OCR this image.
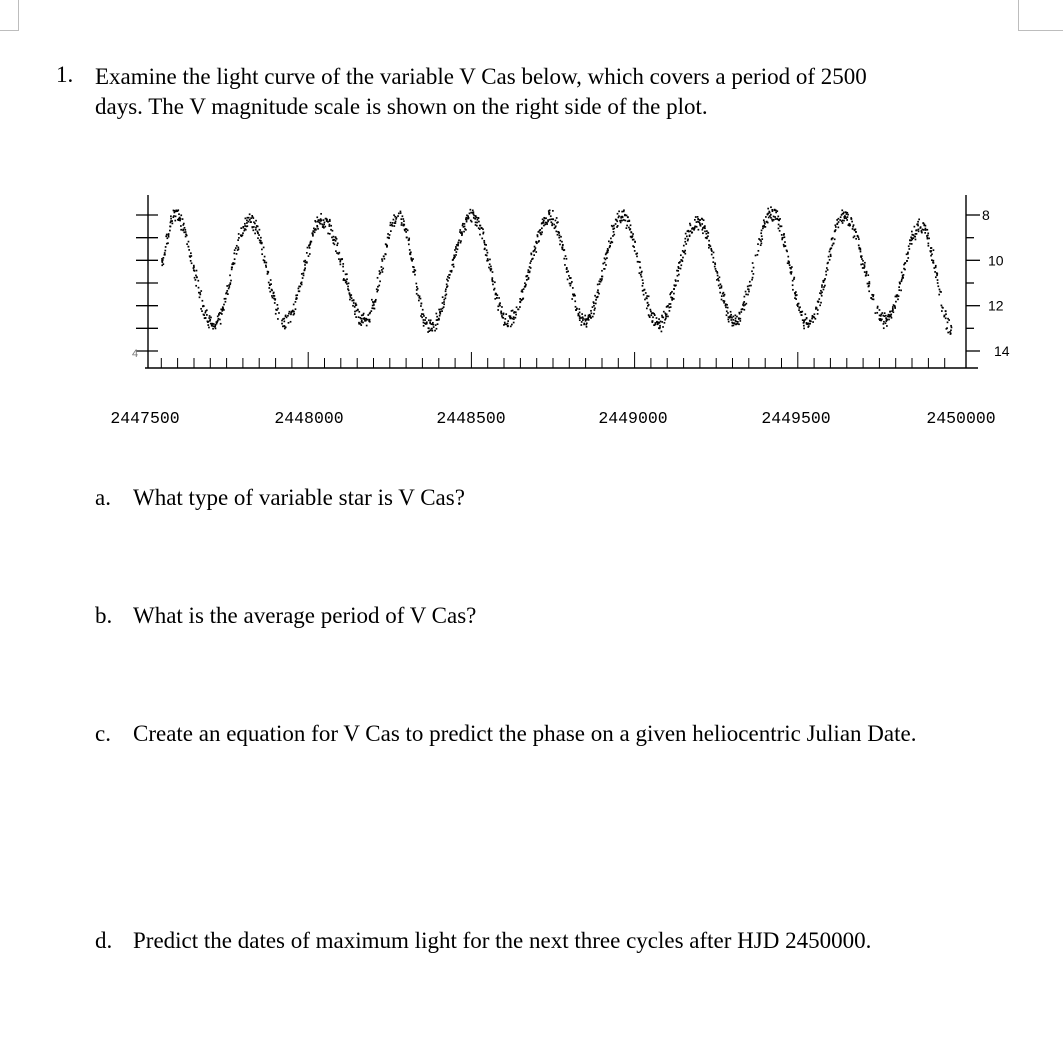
1. Examine the light curve of the variable V Cas below, which covers a period of 2500
days. The V magnitude scale is shown on the right side of the plot.
4
8
10
12
14
2447500	2448000	2448500	2449000	2449500	2450000
a. What type of variable star is V Cas?
b. What is the average period of V Cas?
c. Create an equation for V Cas to predict the phase on a given heliocentric Julian Date.
d. Predict the dates of maximum light for the next three cycles after HJD 2450000.
